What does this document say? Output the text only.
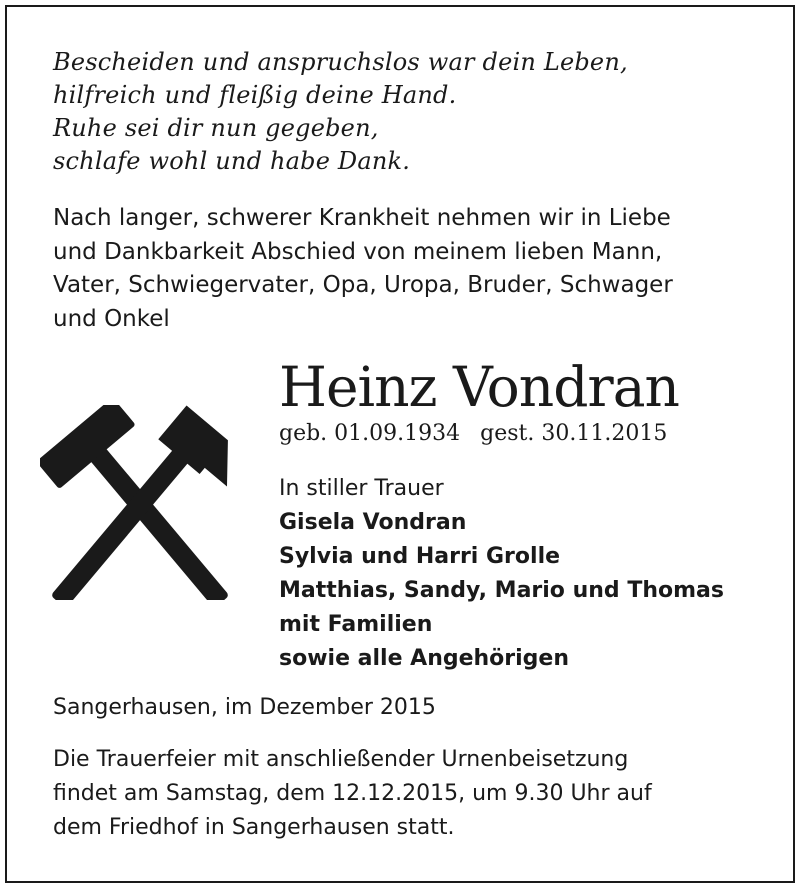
Bescheiden und anspruchslos war dein Leben,
hilfreich und fleißig deine Hand.
Ruhe sei dir nun gegeben,
schlafe wohl und habe Dank.
Nach langer, schwerer Krankheit nehmen wir in Liebe
und Dankbarkeit Abschied von meinem lieben Mann,
Vater, Schwiegervater, Opa, Uropa, Bruder, Schwager
und Onkel
Heinz Vondran
geb. 01.09.1934 gest. 30.11.2015
In stiller Trauer
Gisela Vondran
Sylvia und Harri Grolle
Matthias, Sandy, Mario und Thomas
mit Familien
sowie alle Angehörigen
Sangerhausen, im Dezember 2015
Die Trauerfeier mit anschließender Urnenbeisetzung
findet am Samstag, dem 12.12.2015, um 9.30 Uhr auf
dem Friedhof in Sangerhausen statt.
